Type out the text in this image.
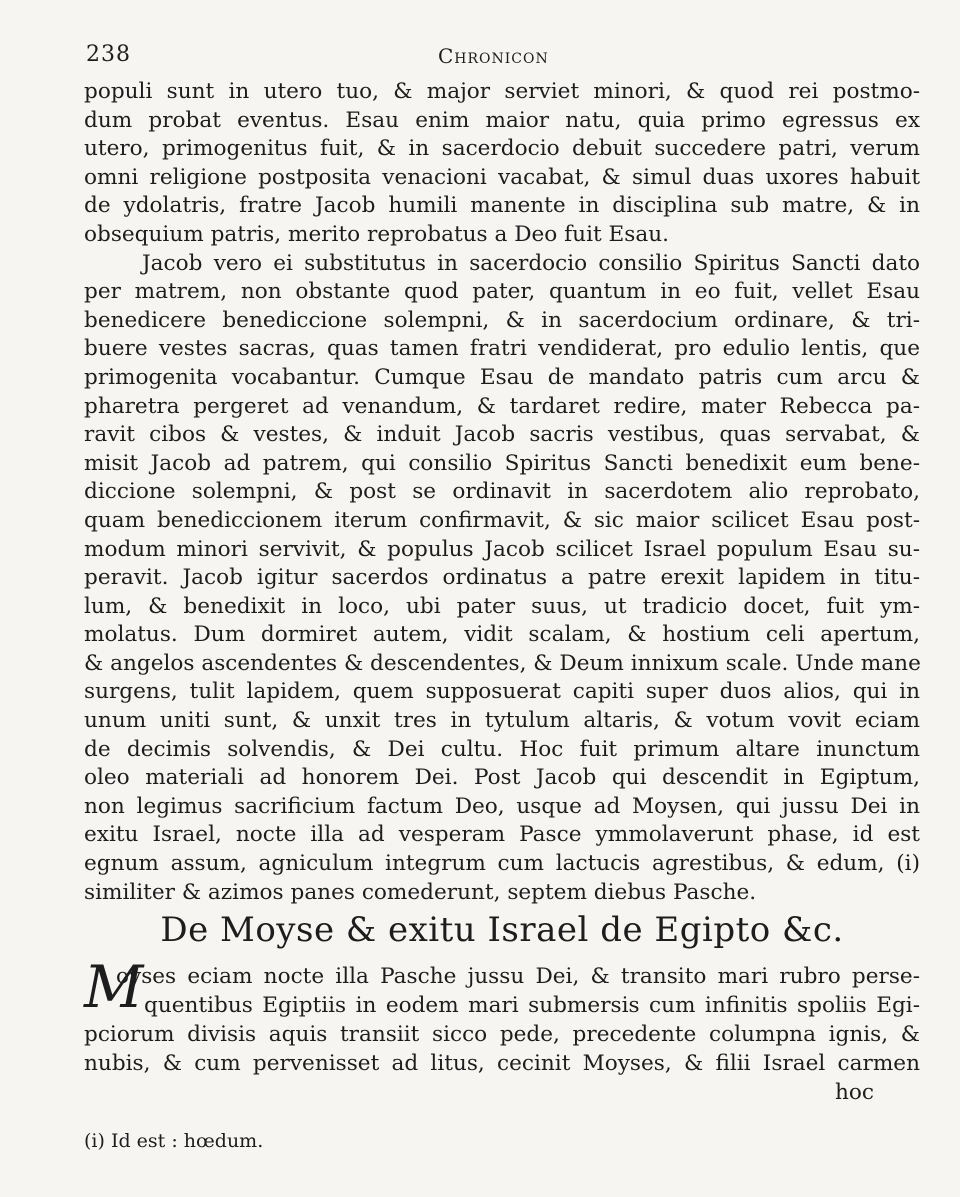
238	Chronicon
populi sunt in utero tuo, & major serviet minori, & quod rei postmo-
dum probat eventus. Esau enim maior natu, quia primo egressus ex
utero, primogenitus fuit, & in sacerdocio debuit succedere patri, verum
omni religione postposita venacioni vacabat, & simul duas uxores habuit
de ydolatris, fratre Jacob humili manente in disciplina sub matre, & in
obsequium patris, merito reprobatus a Deo fuit Esau.
Jacob vero ei substitutus in sacerdocio consilio Spiritus Sancti dato
per matrem, non obstante quod pater, quantum in eo fuit, vellet Esau
benedicere benediccione solempni, & in sacerdocium ordinare, & tri-
buere vestes sacras, quas tamen fratri vendiderat, pro edulio lentis, que
primogenita vocabantur. Cumque Esau de mandato patris cum arcu &
pharetra pergeret ad venandum, & tardaret redire, mater Rebecca pa-
ravit cibos & vestes, & induit Jacob sacris vestibus, quas servabat, &
misit Jacob ad patrem, qui consilio Spiritus Sancti benedixit eum bene-
diccione solempni, & post se ordinavit in sacerdotem alio reprobato,
quam benediccionem iterum confirmavit, & sic maior scilicet Esau post-
modum minori servivit, & populus Jacob scilicet Israel populum Esau su-
peravit. Jacob igitur sacerdos ordinatus a patre erexit lapidem in titu-
lum, & benedixit in loco, ubi pater suus, ut tradicio docet, fuit ym-
molatus. Dum dormiret autem, vidit scalam, & hostium celi apertum,
& angelos ascendentes & descendentes, & Deum innixum scale. Unde mane
surgens, tulit lapidem, quem supposuerat capiti super duos alios, qui in
unum uniti sunt, & unxit tres in tytulum altaris, & votum vovit eciam
de decimis solvendis, & Dei cultu. Hoc fuit primum altare inunctum
oleo materiali ad honorem Dei. Post Jacob qui descendit in Egiptum,
non legimus sacrificium factum Deo, usque ad Moysen, qui jussu Dei in
exitu Israel, nocte illa ad vesperam Pasce ymmolaverunt phase, id est
egnum assum, agniculum integrum cum lactucis agrestibus, & edum, (i)
similiter & azimos panes comederunt, septem diebus Pasche.
De Moyse & exitu Israel de Egipto &c.
M
oyses eciam nocte illa Pasche jussu Dei, & transito mari rubro perse-
quentibus Egiptiis in eodem mari submersis cum infinitis spoliis Egi-
pciorum divisis aquis transiit sicco pede, precedente columpna ignis, &
nubis, & cum pervenisset ad litus, cecinit Moyses, & filii Israel carmen
hoc
(i) Id est : hœdum.
